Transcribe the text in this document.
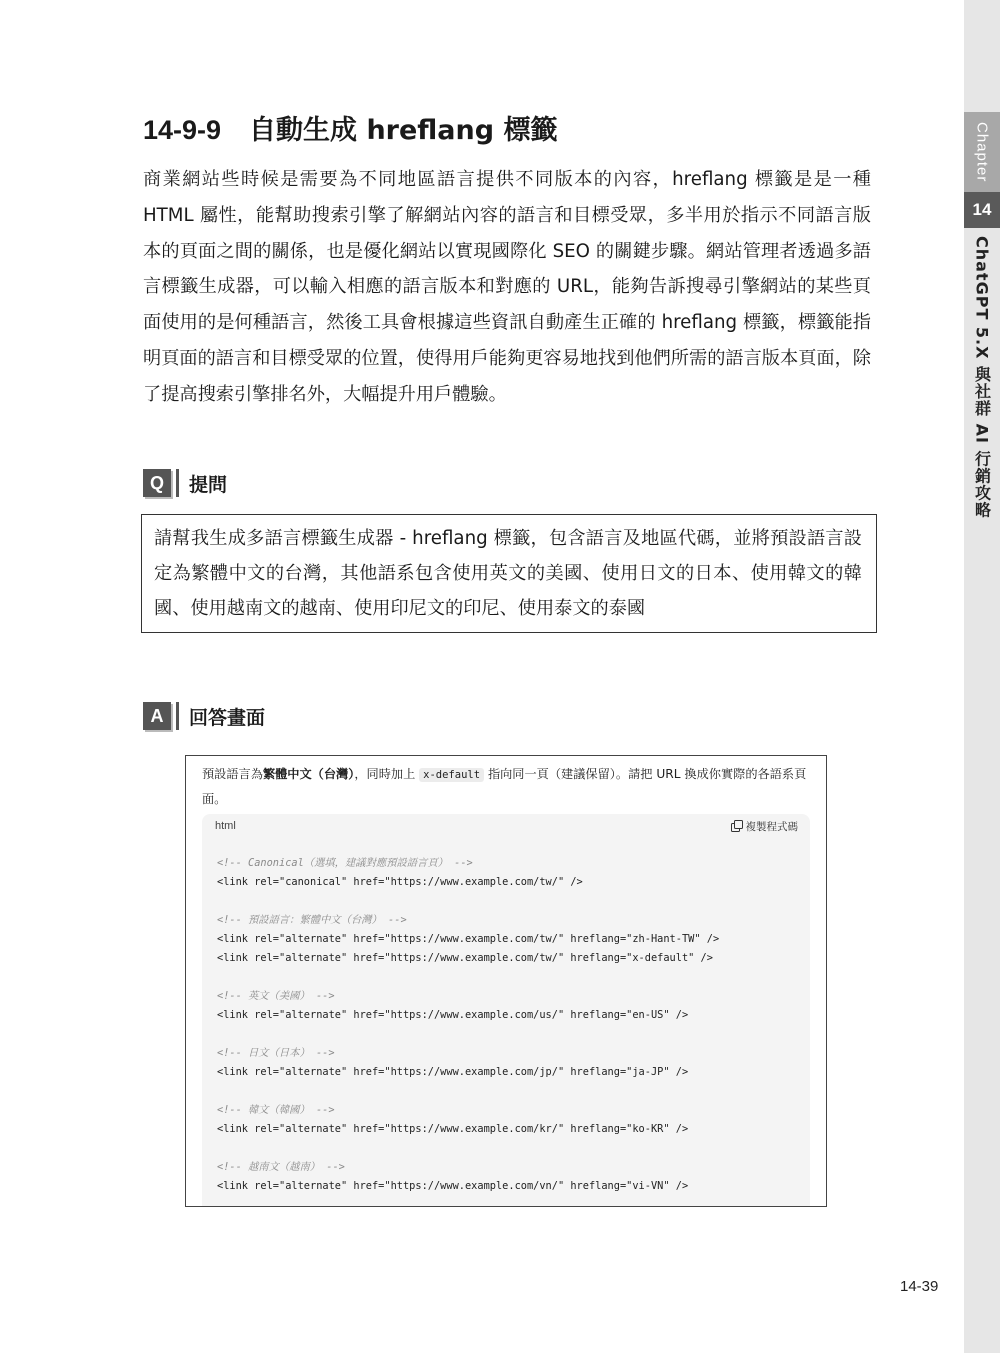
Chapter
14
ChatGPT 5.X 與社群 AI 行銷攻略
14-9-9 自動生成 hreflang 標籤

商業網站些時候是需要為不同地區語言提供不同版本的內容，hreflang 標籤是是一種 HTML 屬性，能幫助搜索引擎了解網站內容的語言和目標受眾，多半用於指示不同語言版本的頁面之間的關係，也是優化網站以實現國際化 SEO 的關鍵步驟。網站管理者透過多語言標籤生成器，可以輸入相應的語言版本和對應的 URL，能夠告訴搜尋引擎網站的某些頁面使用的是何種語言，然後工具會根據這些資訊自動產生正確的 hreflang 標籤，標籤能指明頁面的語言和目標受眾的位置，使得用戶能夠更容易地找到他們所需的語言版本頁面，除了提高搜索引擎排名外，大幅提升用戶體驗。

Q	提問
請幫我生成多語言標籤生成器 - hreflang 標籤，包含語言及地區代碼，並將預設語言設定為繁體中文的台灣，其他語系包含使用英文的美國、使用日文的日本、使用韓文的韓國、使用越南文的越南、使用印尼文的印尼、使用泰文的泰國
A	回答畫面
預設語言為繁體中文（台灣），同時加上 x-default 指向同一頁（建議保留）。請把 URL 換成你實際的各語系頁面。
html	複製程式碼
<!-- Canonical（選填，建議對應預設語言頁） -->
<link rel="canonical" href="https://www.example.com/tw/" />
<!-- 預設語言：繁體中文（台灣） -->
<link rel="alternate" href="https://www.example.com/tw/" hreflang="zh-Hant-TW" />
<link rel="alternate" href="https://www.example.com/tw/" hreflang="x-default" />
<!-- 英文（美國） -->
<link rel="alternate" href="https://www.example.com/us/" hreflang="en-US" />
<!-- 日文（日本） -->
<link rel="alternate" href="https://www.example.com/jp/" hreflang="ja-JP" />
<!-- 韓文（韓國） -->
<link rel="alternate" href="https://www.example.com/kr/" hreflang="ko-KR" />
<!-- 越南文（越南） -->
<link rel="alternate" href="https://www.example.com/vn/" hreflang="vi-VN" />
14-39
